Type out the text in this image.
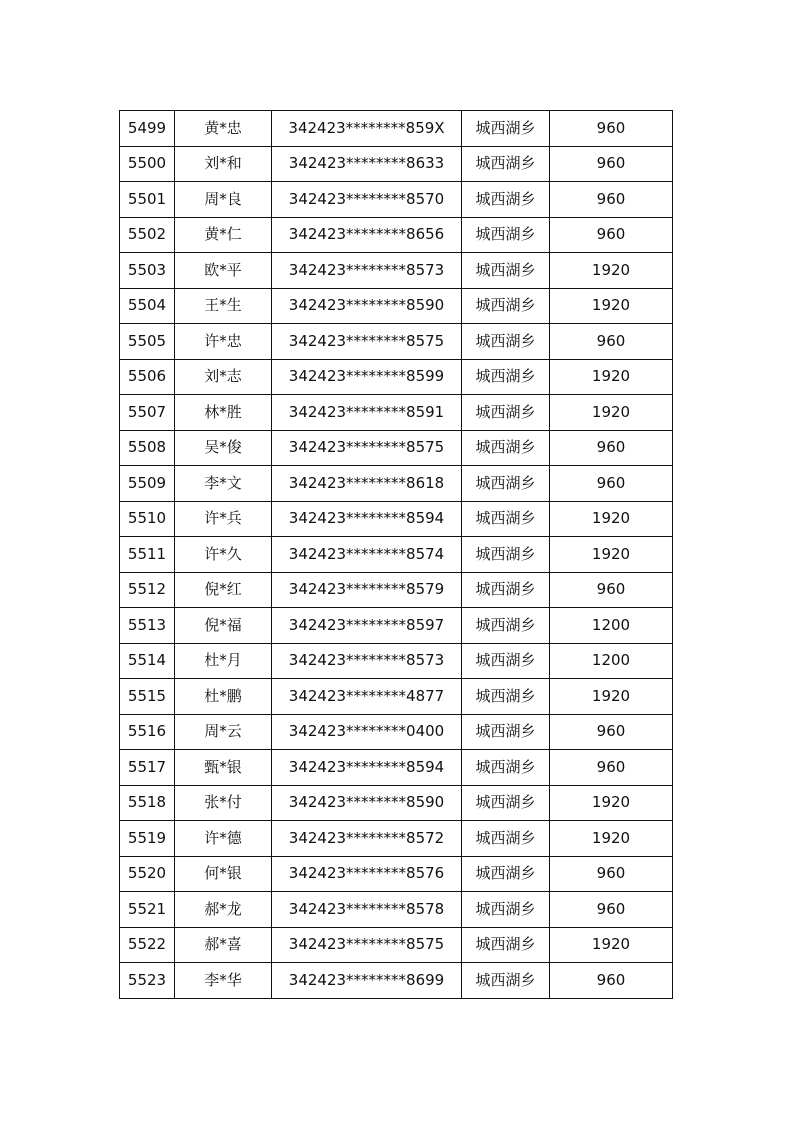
5499	黄*忠	342423********859X	城西湖乡	960
5500	刘*和	342423********8633	城西湖乡	960
5501	周*良	342423********8570	城西湖乡	960
5502	黄*仁	342423********8656	城西湖乡	960
5503	欧*平	342423********8573	城西湖乡	1920
5504	王*生	342423********8590	城西湖乡	1920
5505	许*忠	342423********8575	城西湖乡	960
5506	刘*志	342423********8599	城西湖乡	1920
5507	林*胜	342423********8591	城西湖乡	1920
5508	吴*俊	342423********8575	城西湖乡	960
5509	李*文	342423********8618	城西湖乡	960
5510	许*兵	342423********8594	城西湖乡	1920
5511	许*久	342423********8574	城西湖乡	1920
5512	倪*红	342423********8579	城西湖乡	960
5513	倪*福	342423********8597	城西湖乡	1200
5514	杜*月	342423********8573	城西湖乡	1200
5515	杜*鹏	342423********4877	城西湖乡	1920
5516	周*云	342423********0400	城西湖乡	960
5517	甄*银	342423********8594	城西湖乡	960
5518	张*付	342423********8590	城西湖乡	1920
5519	许*德	342423********8572	城西湖乡	1920
5520	何*银	342423********8576	城西湖乡	960
5521	郝*龙	342423********8578	城西湖乡	960
5522	郝*喜	342423********8575	城西湖乡	1920
5523	李*华	342423********8699	城西湖乡	960
